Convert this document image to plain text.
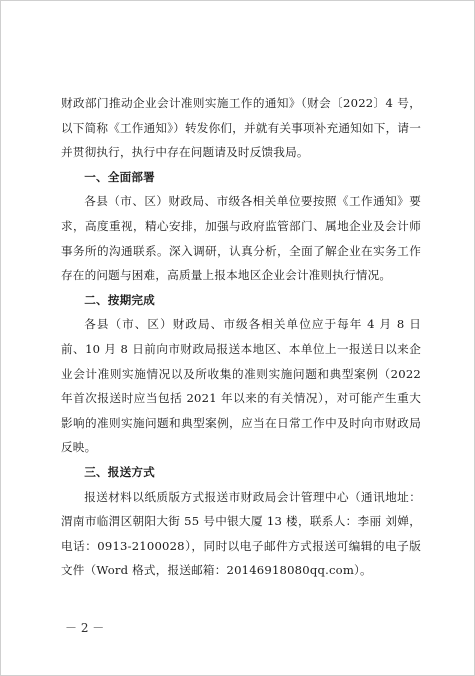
财政部门推动企业会计准则实施工作的通知》（财会〔2022〕4 号，以下简称《工作通知》）转发你们，并就有关事项补充通知如下，请一并贯彻执行，执行中存在问题请及时反馈我局。

一、全面部署

各县（市、区）财政局、市级各相关单位要按照《工作通知》要求，高度重视，精心安排，加强与政府监管部门、属地企业及会计师事务所的沟通联系。深入调研，认真分析，全面了解企业在实务工作存在的问题与困难，高质量上报本地区企业会计准则执行情况。

二、按期完成

各县（市、区）财政局、市级各相关单位应于每年 4 月 8 日前、10 月 8 日前向市财政局报送本地区、本单位上一报送日以来企业会计准则实施情况以及所收集的准则实施问题和典型案例（2022 年首次报送时应当包括 2021 年以来的有关情况），对可能产生重大影响的准则实施问题和典型案例，应当在日常工作中及时向市财政局反映。

三、报送方式

报送材料以纸质版方式报送市财政局会计管理中心（通讯地址：渭南市临渭区朝阳大街 55 号中银大厦 13 楼，联系人：李丽 刘婵，电话：0913-2100028），同时以电子邮件方式报送可编辑的电子版文件（Word 格式，报送邮箱：20146918080qq.com）。

－ 2 －
